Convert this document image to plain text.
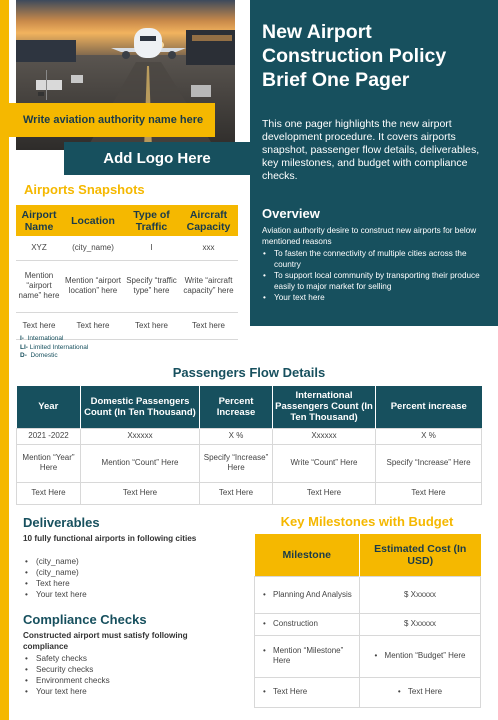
Write aviation authority name here
Add Logo Here
New Airport Construction Policy Brief One Pager
This one pager highlights the new airport development procedure. It covers airports snapshot, passenger flow details, deliverables, key milestones, and budget with compliance checks.
Overview
Aviation authority desire to construct new airports for below mentioned reasons
• To fasten the connectivity of multiple cities across the country
• To support local community by transporting their produce easily to major market for selling
• Your text here
Airports Snapshots
Airport Name	Location	Type of Traffic	Aircraft Capacity
XYZ	(city_name)	I	xxx
Mention “airport name” here	Mention “airport location” here	Specify “traffic type” here	Write “aircraft capacity” here
Text here	Text here	Text here	Text here
I- International
LI- Limited International
D- Domestic
Passengers Flow Details
Year	Domestic Passengers Count (In Ten Thousand)	Percent Increase	International Passengers Count (In Ten Thousand)	Percent increase
2021 -2022	Xxxxxx	X %	Xxxxxx	X %
Mention “Year” Here	Mention “Count” Here	Specify “Increase” Here	Write “Count” Here	Specify “Increase” Here
Text Here	Text Here	Text Here	Text Here	Text Here
Deliverables
10 fully functional airports in following cities
• (city_name)
• (city_name)
• Text here
• Your text here
Compliance Checks
Constructed airport must satisfy following compliance
• Safety checks
• Security checks
• Environment checks
• Your text here
Key Milestones with Budget
Milestone	Estimated Cost (In USD)

• Planning And Analysis	$ Xxxxxx

• Construction	$ Xxxxxx

• Mention “Milestone” Here	• Mention “Budget” Here

• Text Here	• Text Here
